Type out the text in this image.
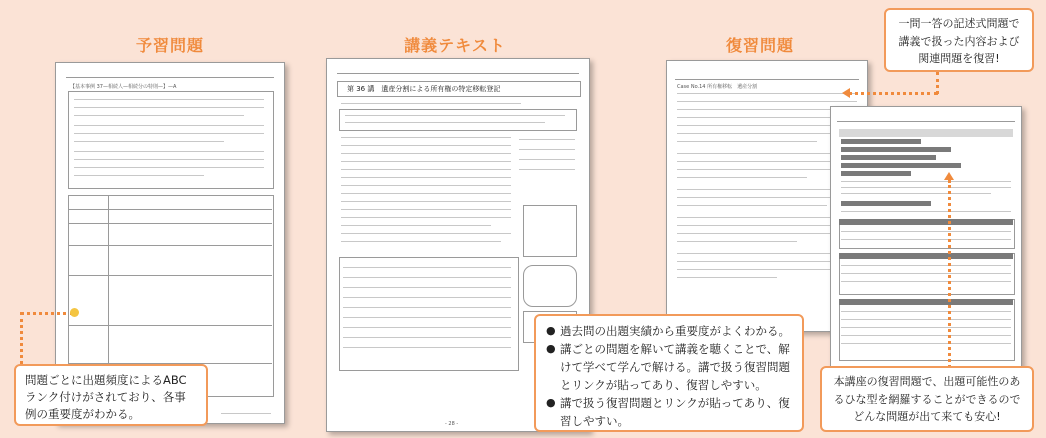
予習問題	講義テキスト	復習問題
【基本事例 37—相続人—相続分の特則—】—A	第 36 講　遺産分割による所有権の特定移転登記
- 28 -
Case No.14 所有権移転　遺産分割
問題ごとに出題頻度によるABCランク付けがされており、各事例の重要度がわかる。
一問一答の記述式問題で講義で扱った内容および関連問題を復習!
本講座の復習問題で、出題可能性のあるひな型を網羅することができるのでどんな問題が出て来ても安心!
● 過去問の出題実績から重要度がよくわかる。
● 講ごとの問題を解いて講義を聴くことで、解けて学べて学んで解ける。講で扱う復習問題とリンクが貼ってあり、復習しやすい。
● 講で扱う復習問題とリンクが貼ってあり、復習しやすい。
